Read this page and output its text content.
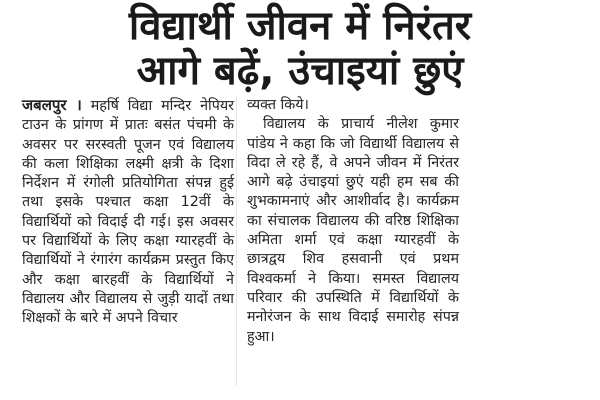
विद्यार्थी जीवन में निरंतर
आगे बढ़ें, उंचाइयां छुएं

जबलपुर । महर्षि विद्या मन्दिर नेपियर टाउन के प्रांगण में प्रातः बसंत पंचमी के अवसर पर सरस्वती पूजन एवं विद्यालय की कला शिक्षिका लक्ष्मी क्षत्री के दिशा निर्देशन में रंगोली प्रतियोगिता संपन्न हुई तथा इसके पश्चात कक्षा 12वीं के विद्यार्थियों को विदाई दी गई। इस अवसर पर विद्यार्थियों के लिए कक्षा ग्यारहवीं के विद्यार्थियों ने रंगारंग कार्यक्रम प्रस्तुत किए और कक्षा बारहवीं के विद्यार्थियों ने विद्यालय और विद्यालय से जुड़ी यादों तथा शिक्षकों के बारे में अपने विचार

व्यक्त किये।

विद्यालय के प्राचार्य नीलेश कुमार पांडेय ने कहा कि जो विद्यार्थी विद्यालय से विदा ले रहे हैं, वे अपने जीवन में निरंतर आगे बढ़े उंचाइयां छुएं यही हम सब की शुभकामनाएं और आशीर्वाद है। कार्यक्रम का संचालक विद्यालय की वरिष्ठ शिक्षिका अमिता शर्मा एवं कक्षा ग्यारहवीं के छात्रद्वय शिव हसवानी एवं प्रथम विश्वकर्मा ने किया। समस्त विद्यालय परिवार की उपस्थिति में विद्यार्थियों के मनोरंजन के साथ विदाई समारोह संपन्न हुआ।
